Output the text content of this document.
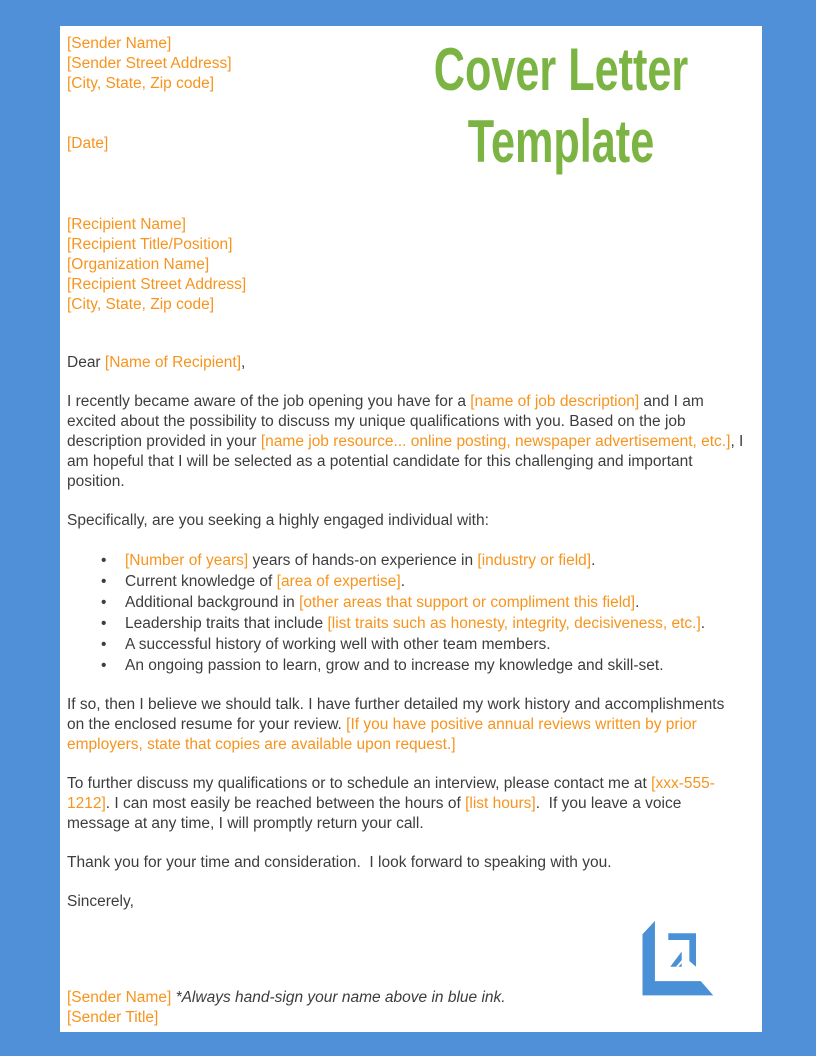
[Sender Name]
[Sender Street Address]
[City, State, Zip code]
[Date]
Cover Letter
Template
[Recipient Name]
[Recipient Title/Position]
[Organization Name]
[Recipient Street Address]
[City, State, Zip code]
Dear [Name of Recipient],

I recently became aware of the job opening you have for a [name of job description] and I am excited about the possibility to discuss my unique qualifications with you. Based on the job description provided in your [name job resource... online posting, newspaper advertisement, etc.], I am hopeful that I will be selected as a potential candidate for this challenging and important position.

Specifically, are you seeking a highly engaged individual with:

• [Number of years] years of hands-on experience in [industry or field].
• Current knowledge of [area of expertise].
• Additional background in [other areas that support or compliment this field].
• Leadership traits that include [list traits such as honesty, integrity, decisiveness, etc.].
• A successful history of working well with other team members.
• An ongoing passion to learn, grow and to increase my knowledge and skill-set.

If so, then I believe we should talk. I have further detailed my work history and accomplishments on the enclosed resume for your review. [If you have positive annual reviews written by prior employers, state that copies are available upon request.]

To further discuss my qualifications or to schedule an interview, please contact me at [xxx-555-1212]. I can most easily be reached between the hours of [list hours].  If you leave a voice message at any time, I will promptly return your call.

Thank you for your time and consideration.  I look forward to speaking with you.

Sincerely,

[Sender Name] *Always hand-sign your name above in blue ink.
[Sender Title]
